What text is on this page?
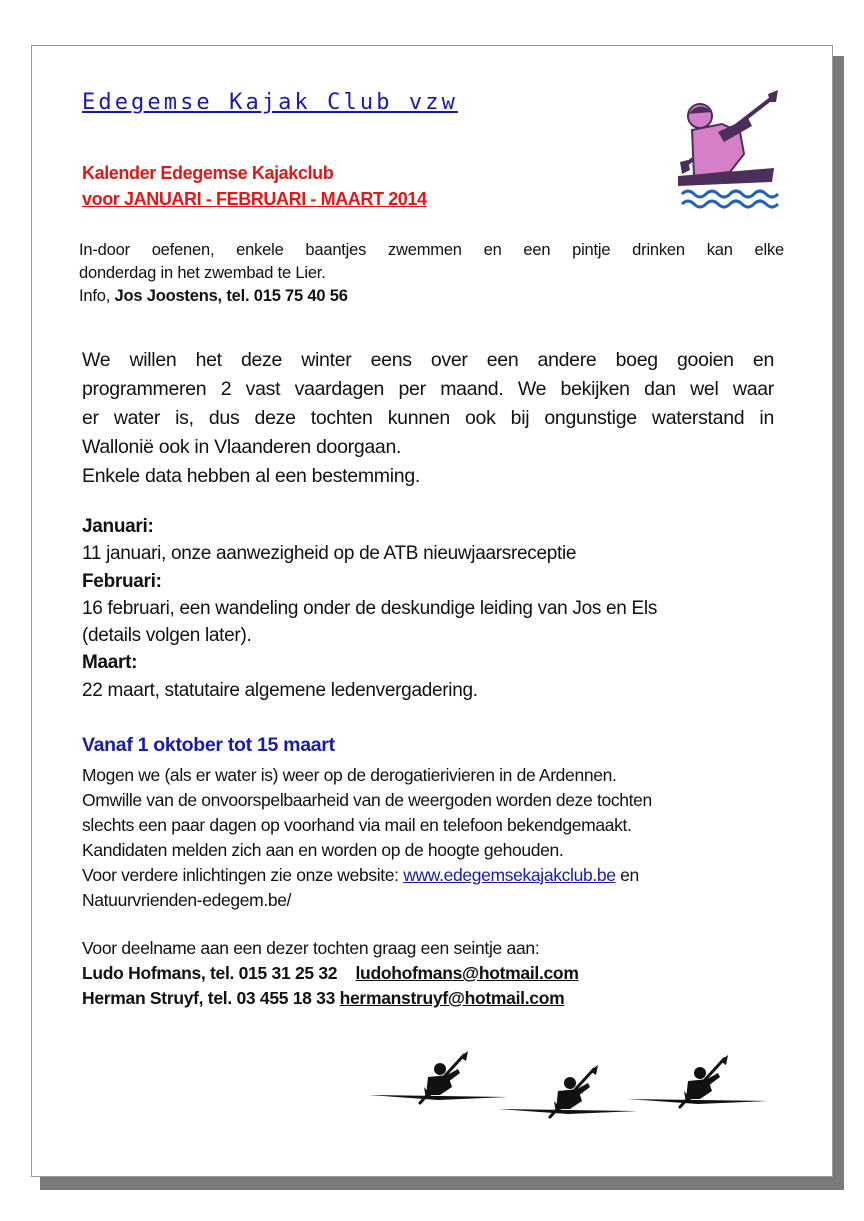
Edegemse Kajak Club vzw
Kalender Edegemse Kajakclub
voor JANUARI - FEBRUARI - MAART 2014
In-door oefenen, enkele baantjes zwemmen en een pintje drinken kan elke
donderdag in het zwembad te Lier.
Info, Jos Joostens, tel. 015 75 40 56
We willen het deze winter eens over een andere boeg gooien en
programmeren 2 vast vaardagen per maand. We bekijken dan wel waar
er water is, dus deze tochten kunnen ook bij ongunstige waterstand in
Wallonië ook in Vlaanderen doorgaan.
Enkele data hebben al een bestemming.
Januari:
11 januari, onze aanwezigheid op de ATB nieuwjaarsreceptie
Februari:
16 februari, een wandeling onder de deskundige leiding van Jos en Els
(details volgen later).
Maart:
22 maart, statutaire algemene ledenvergadering.
Vanaf 1 oktober tot 15 maart
Mogen we (als er water is) weer op de derogatierivieren in de Ardennen.
Omwille van de onvoorspelbaarheid van de weergoden worden deze tochten
slechts een paar dagen op voorhand via mail en telefoon bekendgemaakt.
Kandidaten melden zich aan en worden op de hoogte gehouden.
Voor verdere inlichtingen zie onze website: www.edegemsekajakclub.be en
Natuurvrienden-edegem.be/
Voor deelname aan een dezer tochten graag een seintje aan:
Ludo Hofmans, tel. 015 31 25 32 ludohofmans@hotmail.com
Herman Struyf, tel. 03 455 18 33 hermanstruyf@hotmail.com
